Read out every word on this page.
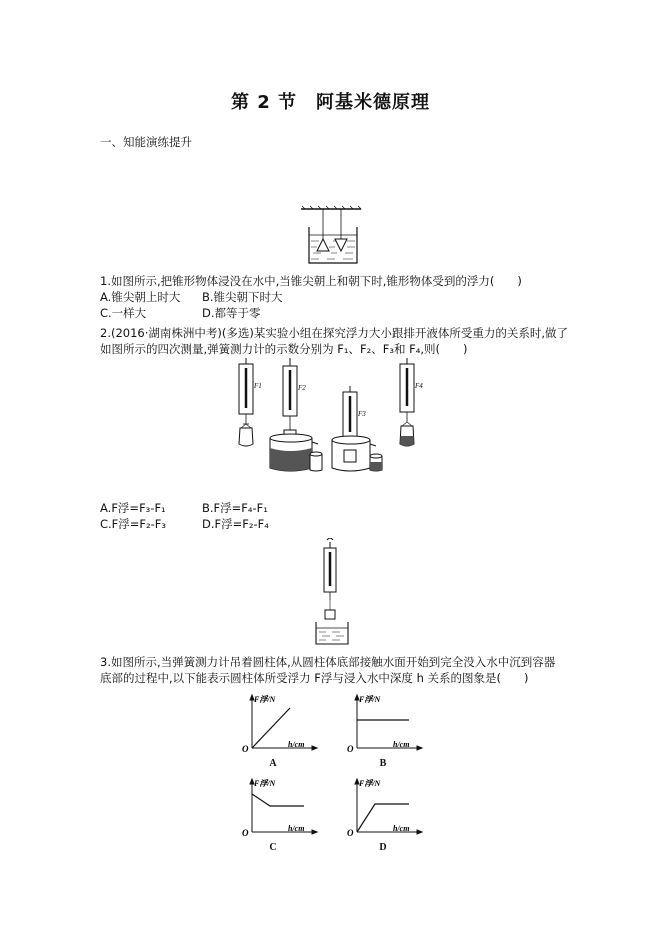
第 2 节　阿基米德原理
一、知能演练提升
1.如图所示,把锥形物体浸没在水中,当锥尖朝上和朝下时,锥形物体受到的浮力(　　)
A.锥尖朝上时大 B.锥尖朝下时大
C.一样大	D.都等于零
2.(2016·湖南株洲中考)(多选)某实验小组在探究浮力大小跟排开液体所受重力的关系时,做了
如图所示的四次测量,弹簧测力计的示数分别为 F₁、F₂、F₃和 F₄,则(　　)
F1	F2
F3
F4
A.F浮=F₃-F₁	B.F浮=F₄-F₁
C.F浮=F₂-F₃	D.F浮=F₂-F₄
3.如图所示,当弹簧测力计吊着圆柱体,从圆柱体底部接触水面开始到完全没入水中沉到容器
底部的过程中,以下能表示圆柱体所受浮力 F浮与浸入水中深度 h 关系的图象是(　　)
F浮/N
h/cm
O
A
F浮/N
h/cm
O
B
F浮/N
h/cm
O
C
F浮/N
h/cm
O
D
